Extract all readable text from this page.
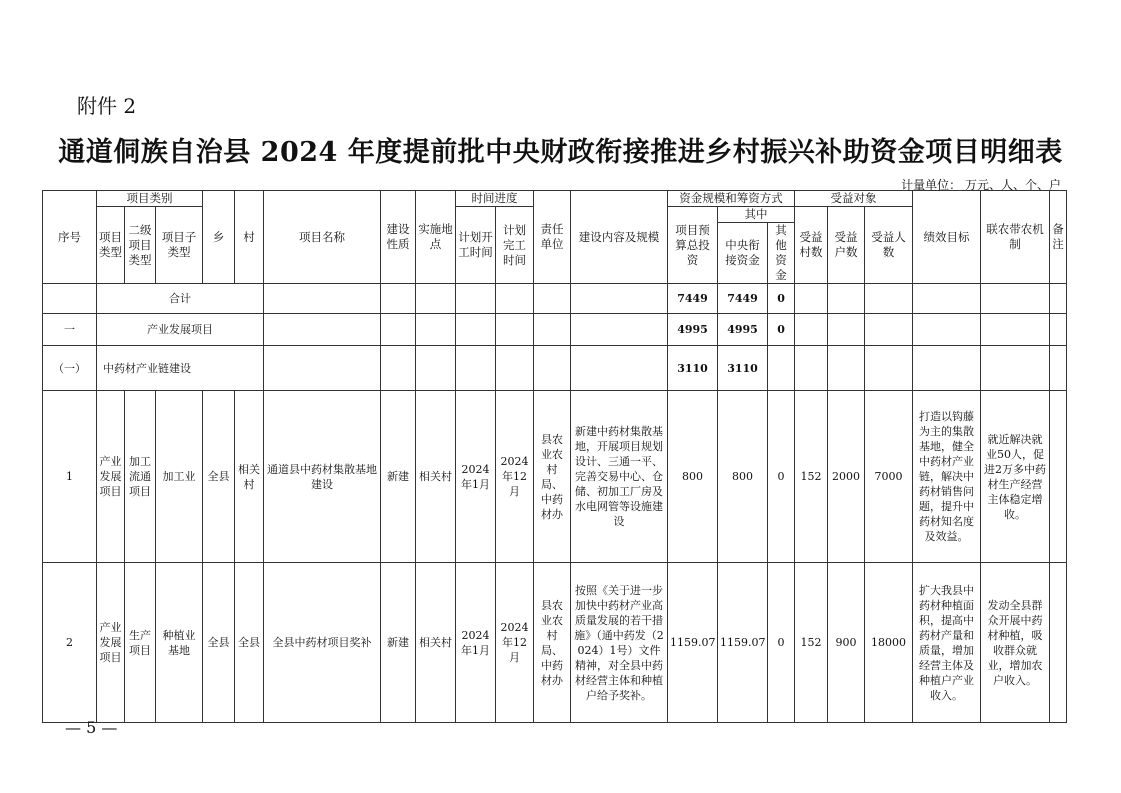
附件 2
通道侗族自治县 2024 年度提前批中央财政衔接推进乡村振兴补助资金项目明细表
计量单位： 万元、人、个、户
序号	项目类别			乡	村	项目名称	建设性质	实施地点	时间进度		责任单位	建设内容及规模	资金规模和筹资方式			受益对象			绩效目标	联农带农机制	备注
	项目类型	二级项目类型	项目子类型						计划开工时间	计划完工时间			项目预算总投资	其中		受益村数	受益户数	受益人数			
														中央衔接资金	其他资金						
	合计												7449	7449	0						
一	产业发展项目												4995	4995	0						
（一）	中药材产业链建设												3110	3110							
1	产业发展项目	加工流通项目	加工业	全县	相关村	通道县中药材集散基地建设	新建	相关村	2024年1月	2024年12月	县农业农村局、中药材办	新建中药材集散基地，开展项目规划设计、三通一平、完善交易中心、仓储、初加工厂房及水电网管等设施建设	800	800	0	152	2000	7000	打造以钩藤为主的集散基地，健全中药材产业链，解决中药材销售问题，提升中药材知名度及效益。	就近解决就业50人，促进2万多中药材生产经营主体稳定增收。	
2	产业发展项目	生产项目	种植业基地	全县	全县	全县中药材项目奖补	新建	相关村	2024年1月	2024年12月	县农业农村局、中药材办	按照《关于进一步加快中药材产业高质量发展的若干措施》（通中药发（2024）1号）文件精神，对全县中药材经营主体和种植户给予奖补。	1159.07	1159.07	0	152	900	18000	扩大我县中药材种植面积，提高中药材产量和质量，增加经营主体及种植户产业收入。	发动全县群众开展中药材种植，吸收群众就业，增加农户收入。	
— 5 —
